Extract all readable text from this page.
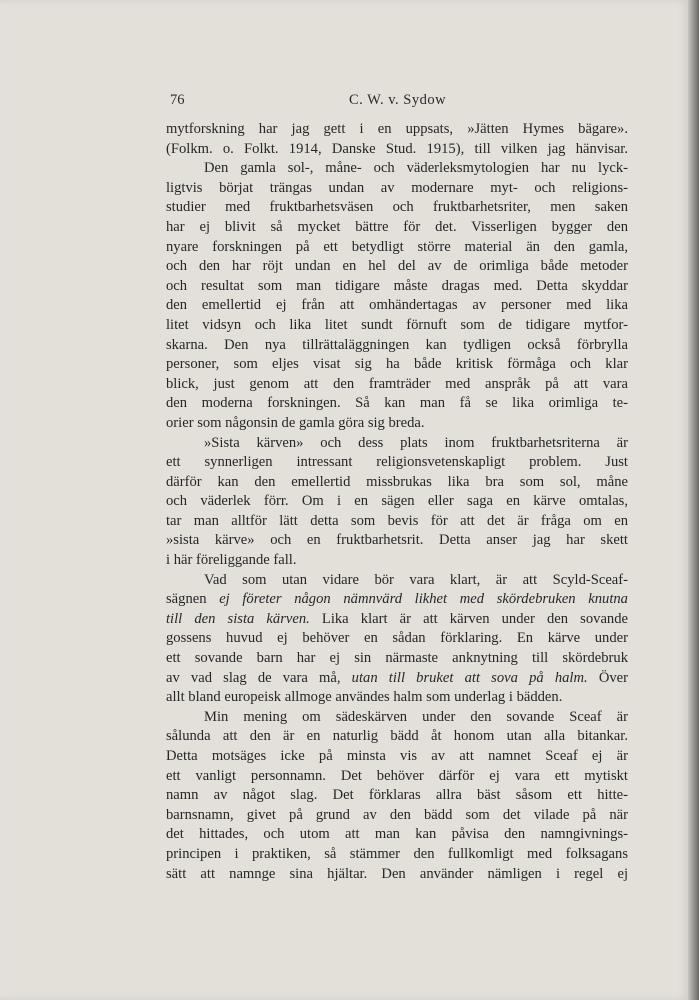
76	C. W. v. Sydow
mytforskning har jag gett i en uppsats, »Jätten Hymes bägare».
(Folkm. o. Folkt. 1914, Danske Stud. 1915), till vilken jag hänvisar.
Den gamla sol-, måne- och väderleksmytologien har nu lyck-
ligtvis börjat trängas undan av modernare myt- och religions-
studier med fruktbarhetsväsen och fruktbarhetsriter, men saken
har ej blivit så mycket bättre för det. Visserligen bygger den
nyare forskningen på ett betydligt större material än den gamla,
och den har röjt undan en hel del av de orimliga både metoder
och resultat som man tidigare måste dragas med. Detta skyddar
den emellertid ej från att omhändertagas av personer med lika
litet vidsyn och lika litet sundt förnuft som de tidigare mytfor-
skarna. Den nya tillrättaläggningen kan tydligen också förbrylla
personer, som eljes visat sig ha både kritisk förmåga och klar
blick, just genom att den framträder med anspråk på att vara
den moderna forskningen. Så kan man få se lika orimliga te-
orier som någonsin de gamla göra sig breda.
»Sista kärven» och dess plats inom fruktbarhetsriterna är
ett synnerligen intressant religionsvetenskapligt problem. Just
därför kan den emellertid missbrukas lika bra som sol, måne
och väderlek förr. Om i en sägen eller saga en kärve omtalas,
tar man alltför lätt detta som bevis för att det är fråga om en
»sista kärve» och en fruktbarhetsrit. Detta anser jag har skett
i här föreliggande fall.
Vad som utan vidare bör vara klart, är att Scyld-Sceaf-
sägnen ej företer någon nämnvärd likhet med skördebruken knutna
till den sista kärven. Lika klart är att kärven under den sovande
gossens huvud ej behöver en sådan förklaring. En kärve under
ett sovande barn har ej sin närmaste anknytning till skördebruk
av vad slag de vara må, utan till bruket att sova på halm. Över
allt bland europeisk allmoge användes halm som underlag i bädden.
Min mening om sädeskärven under den sovande Sceaf är
sålunda att den är en naturlig bädd åt honom utan alla bitankar.
Detta motsäges icke på minsta vis av att namnet Sceaf ej är
ett vanligt personnamn. Det behöver därför ej vara ett mytiskt
namn av något slag. Det förklaras allra bäst såsom ett hitte-
barnsnamn, givet på grund av den bädd som det vilade på när
det hittades, och utom att man kan påvisa den namngivnings-
principen i praktiken, så stämmer den fullkomligt med folksagans
sätt att namnge sina hjältar. Den använder nämligen i regel ej
